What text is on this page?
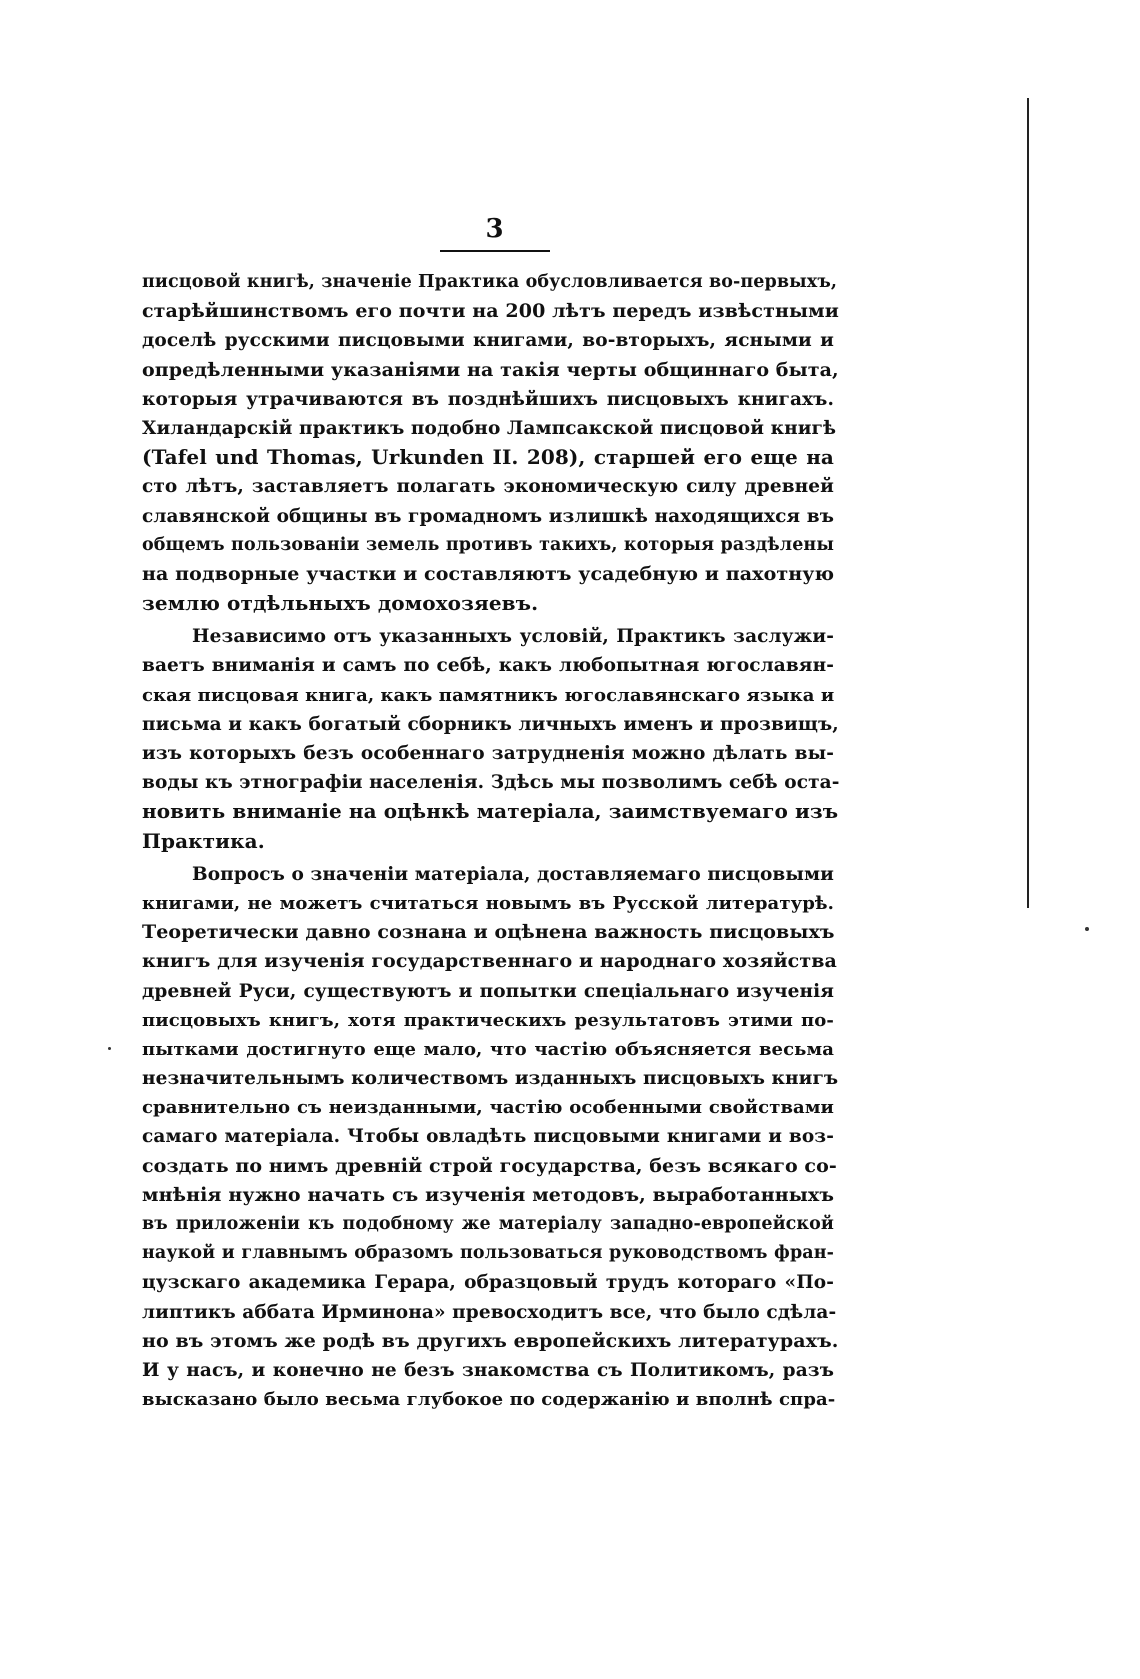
3
писцовой книгѣ, значеніе Практика обусловливается во-первыхъ,
старѣйшинствомъ его почти на 200 лѣтъ передъ извѣстными
доселѣ русскими писцовыми книгами, во-вторыхъ, ясными и
опредѣленными указаніями на такія черты общиннаго быта,
которыя утрачиваются въ позднѣйшихъ писцовыхъ книгахъ.
Хиландарскій практикъ подобно Лампсакской писцовой книгѣ
(Tafel und Thomas, Urkunden II. 208), старшей его еще на
сто лѣтъ, заставляетъ полагать экономическую силу древней
славянской общины въ громадномъ излишкѣ находящихся въ
общемъ пользованіи земель противъ такихъ, которыя раздѣлены
на подворные участки и составляютъ усадебную и пахотную
землю отдѣльныхъ домохозяевъ.
Независимо отъ указанныхъ условій, Практикъ заслужи-
ваетъ вниманія и самъ по себѣ, какъ любопытная югославян-
ская писцовая книга, какъ памятникъ югославянскаго языка и
письма и какъ богатый сборникъ личныхъ именъ и прозвищъ,
изъ которыхъ безъ особеннаго затрудненія можно дѣлать вы-
воды къ этнографіи населенія. Здѣсь мы позволимъ себѣ оста-
новить вниманіе на оцѣнкѣ матеріала, заимствуемаго изъ
Практика.
Вопросъ о значеніи матеріала, доставляемаго писцовыми
книгами, не можетъ считаться новымъ въ Русской литературѣ.
Теоретически давно сознана и оцѣнена важность писцовыхъ
книгъ для изученія государственнаго и народнаго хозяйства
древней Руси, существуютъ и попытки спеціальнаго изученія
писцовыхъ книгъ, хотя практическихъ результатовъ этими по-
пытками достигнуто еще мало, что частію объясняется весьма
незначительнымъ количествомъ изданныхъ писцовыхъ книгъ
сравнительно съ неизданными, частію особенными свойствами
самаго матеріала. Чтобы овладѣть писцовыми книгами и воз-
создать по нимъ древній строй государства, безъ всякаго со-
мнѣнія нужно начать съ изученія методовъ, выработанныхъ
въ приложеніи къ подобному же матеріалу западно-европейской
наукой и главнымъ образомъ пользоваться руководствомъ фран-
цузскаго академика Герара, образцовый трудъ котораго «По-
липтикъ аббата Ирминона» превосходитъ все, что было сдѣла-
но въ этомъ же родѣ въ другихъ европейскихъ литературахъ.
И у насъ, и конечно не безъ знакомства съ Политикомъ, разъ
высказано было весьма глубокое по содержанію и вполнѣ спра-
